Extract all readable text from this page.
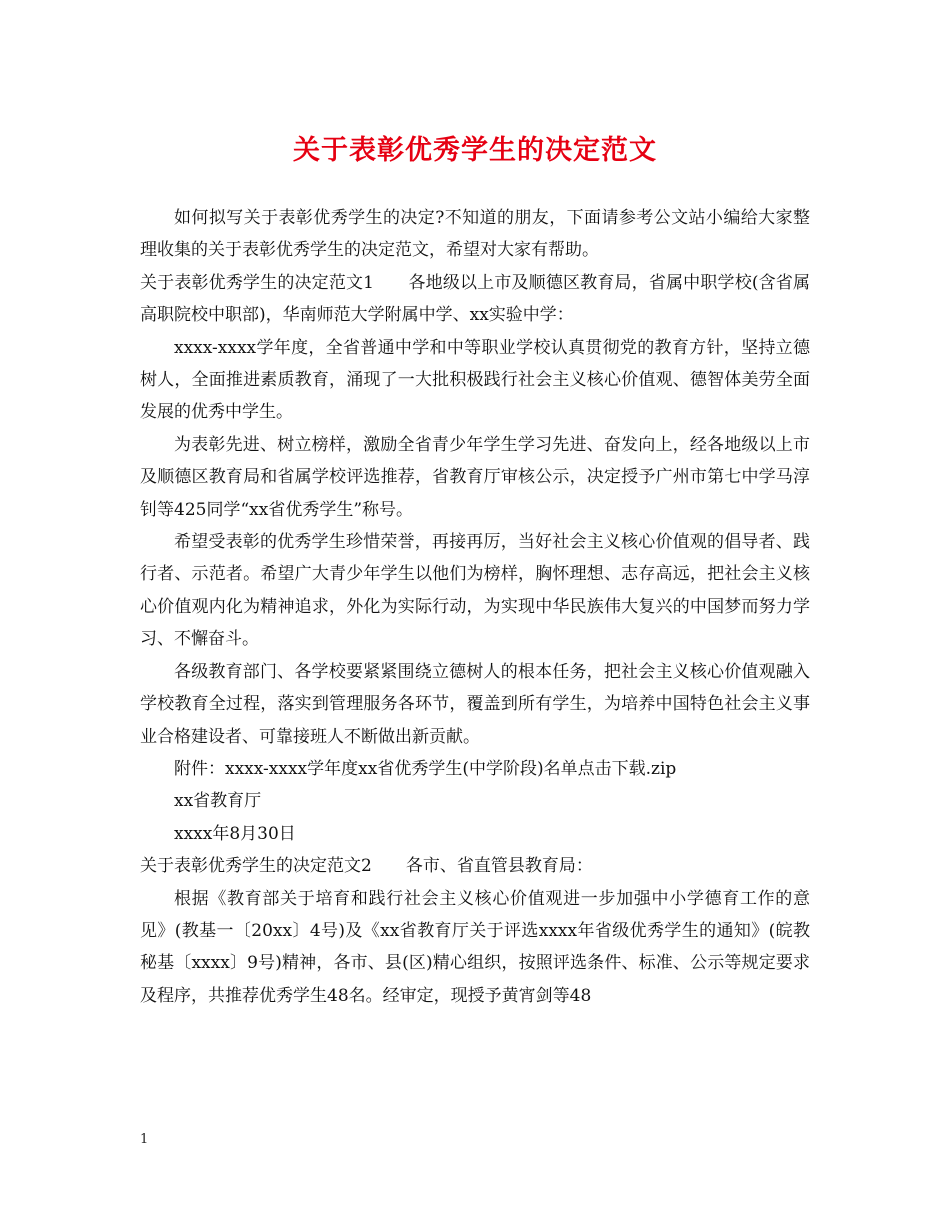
关于表彰优秀学生的决定范文

如何拟写关于表彰优秀学生的决定?不知道的朋友，下面请参考公文站小编给大家整理收集的关于表彰优秀学生的决定范文，希望对大家有帮助。

关于表彰优秀学生的决定范文1　　各地级以上市及顺德区教育局，省属中职学校(含省属高职院校中职部)，华南师范大学附属中学、xx实验中学：

xxxx-xxxx学年度，全省普通中学和中等职业学校认真贯彻党的教育方针，坚持立德树人，全面推进素质教育，涌现了一大批积极践行社会主义核心价值观、德智体美劳全面发展的优秀中学生。

为表彰先进、树立榜样，激励全省青少年学生学习先进、奋发向上，经各地级以上市及顺德区教育局和省属学校评选推荐，省教育厅审核公示，决定授予广州市第七中学马淳钊等425同学“xx省优秀学生”称号。

希望受表彰的优秀学生珍惜荣誉，再接再厉，当好社会主义核心价值观的倡导者、践行者、示范者。希望广大青少年学生以他们为榜样，胸怀理想、志存高远，把社会主义核心价值观内化为精神追求，外化为实际行动，为实现中华民族伟大复兴的中国梦而努力学习、不懈奋斗。

各级教育部门、各学校要紧紧围绕立德树人的根本任务，把社会主义核心价值观融入学校教育全过程，落实到管理服务各环节，覆盖到所有学生，为培养中国特色社会主义事业合格建设者、可靠接班人不断做出新贡献。

附件：xxxx-xxxx学年度xx省优秀学生(中学阶段)名单点击下载.zip

xx省教育厅

xxxx年8月30日

关于表彰优秀学生的决定范文2　　各市、省直管县教育局：

根据《教育部关于培育和践行社会主义核心价值观进一步加强中小学德育工作的意见》(教基一〔20xx〕4号)及《xx省教育厅关于评选xxxx年省级优秀学生的通知》(皖教秘基〔xxxx〕9号)精神，各市、县(区)精心组织，按照评选条件、标准、公示等规定要求及程序，共推荐优秀学生48名。经审定，现授予黄宵剑等48

1
